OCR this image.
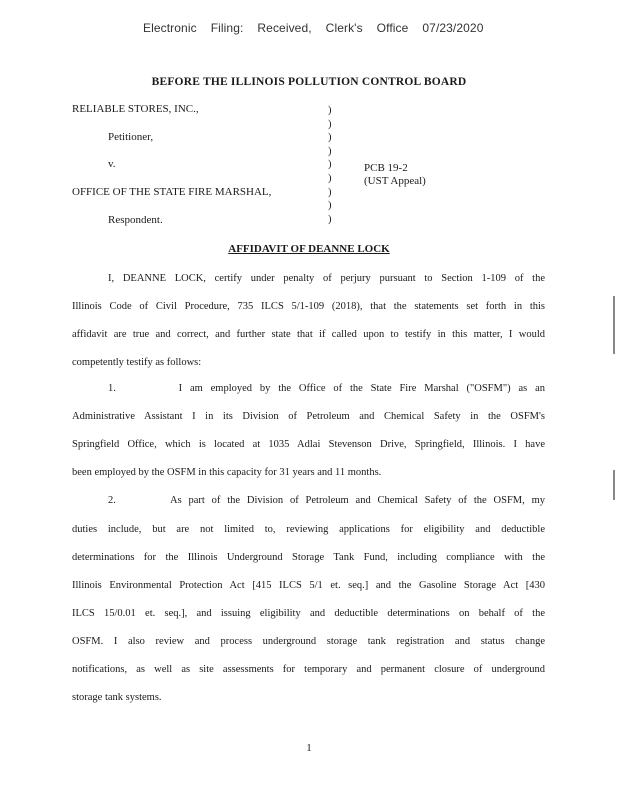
Electronic Filing: Received, Clerk's Office 07/23/2020
BEFORE THE ILLINOIS POLLUTION CONTROL BOARD
RELIABLE STORES, INC.,
Petitioner,
v.
OFFICE OF THE STATE FIRE MARSHAL,
Respondent.
)
)
)
)
)
)
)
)
)
PCB 19-2
(UST Appeal)
AFFIDAVIT OF DEANNE LOCK
I, DEANNE LOCK, certify under penalty of perjury pursuant to Section 1-109 of the
Illinois Code of Civil Procedure, 735 ILCS 5/1-109 (2018), that the statements set forth in this
affidavit are true and correct, and further state that if called upon to testify in this matter, I would
competently testify as follows:
1.        I am employed by the Office of the State Fire Marshal ("OSFM") as an
Administrative Assistant I in its Division of Petroleum and Chemical Safety in the OSFM's
Springfield Office, which is located at 1035 Adlai Stevenson Drive, Springfield, Illinois. I have
been employed by the OSFM in this capacity for 31 years and 11 months.
2.        As part of the Division of Petroleum and Chemical Safety of the OSFM, my
duties include, but are not limited to, reviewing applications for eligibility and deductible
determinations for the Illinois Underground Storage Tank Fund, including compliance with the
Illinois Environmental Protection Act [415 ILCS 5/1 et. seq.] and the Gasoline Storage Act [430
ILCS 15/0.01 et. seq.], and issuing eligibility and deductible determinations on behalf of the
OSFM. I also review and process underground storage tank registration and status change
notifications, as well as site assessments for temporary and permanent closure of underground
storage tank systems.
1
